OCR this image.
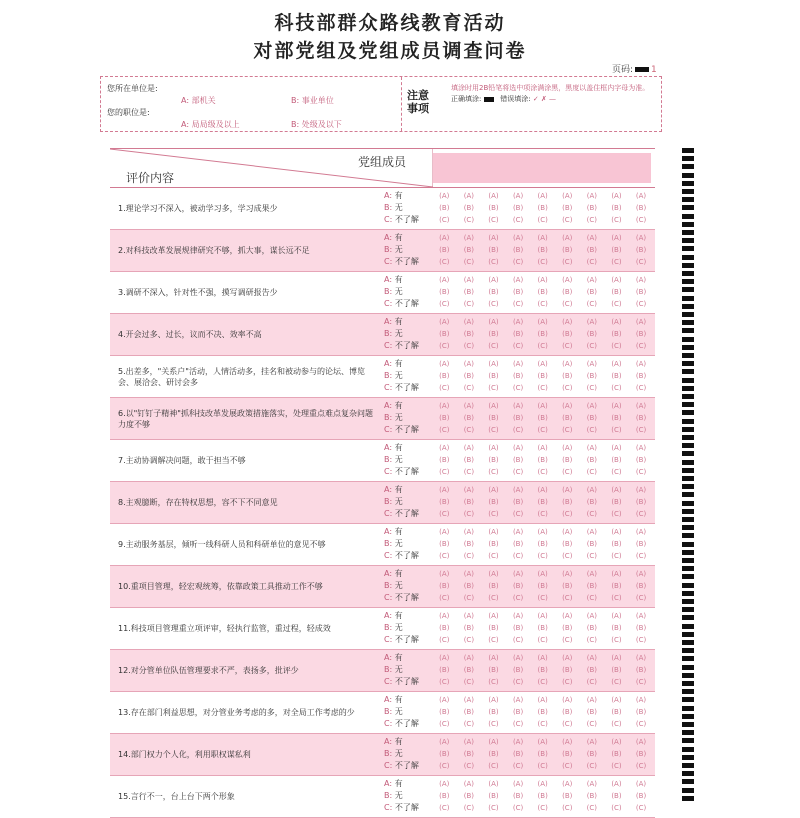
科技部群众路线教育活动
对部党组及党组成员调查问卷
页码: 1
您所在单位是:
您的职位是:
A: 部机关	B: 事业单位
A: 局局级及以上	B: 处级及以下
注意事项
填涂时用2B铅笔将选中项涂满涂黑，黑度以盖住框内字母为准。
正确填涂:	错误填涂: ✓ ✗ —
党组成员
评价内容
1.理论学习不深入，被动学习多，学习成果少
A: 有
B: 无
C: 不了解
(A)	(A)	(A)	(A)	(A)	(A)	(A)	(A)	(A)
(B)	(B)	(B)	(B)	(B)	(B)	(B)	(B)	(B)
(C)	(C)	(C)	(C)	(C)	(C)	(C)	(C)	(C)
2.对科技改革发展规律研究不够，抓大事，谋长远不足
A: 有
B: 无
C: 不了解
(A)	(A)	(A)	(A)	(A)	(A)	(A)	(A)	(A)
(B)	(B)	(B)	(B)	(B)	(B)	(B)	(B)	(B)
(C)	(C)	(C)	(C)	(C)	(C)	(C)	(C)	(C)
3.调研不深入，针对性不强，摸写调研报告少
A: 有
B: 无
C: 不了解
(A)	(A)	(A)	(A)	(A)	(A)	(A)	(A)	(A)
(B)	(B)	(B)	(B)	(B)	(B)	(B)	(B)	(B)
(C)	(C)	(C)	(C)	(C)	(C)	(C)	(C)	(C)
4.开会过多、过长，议而不决、效率不高
A: 有
B: 无
C: 不了解
(A)	(A)	(A)	(A)	(A)	(A)	(A)	(A)	(A)
(B)	(B)	(B)	(B)	(B)	(B)	(B)	(B)	(B)
(C)	(C)	(C)	(C)	(C)	(C)	(C)	(C)	(C)
5.出差多，"关系户"活动，人情活动多，挂名和被动参与的论坛、博览会、展洽会、研讨会多
A: 有
B: 无
C: 不了解
(A)	(A)	(A)	(A)	(A)	(A)	(A)	(A)	(A)
(B)	(B)	(B)	(B)	(B)	(B)	(B)	(B)	(B)
(C)	(C)	(C)	(C)	(C)	(C)	(C)	(C)	(C)
6.以"钉钉子精神"抓科技改革发展政策措施落实，处理重点难点复杂问题力度不够
A: 有
B: 无
C: 不了解
(A)	(A)	(A)	(A)	(A)	(A)	(A)	(A)	(A)
(B)	(B)	(B)	(B)	(B)	(B)	(B)	(B)	(B)
(C)	(C)	(C)	(C)	(C)	(C)	(C)	(C)	(C)
7.主动协调解决问题，敢于担当不够
A: 有
B: 无
C: 不了解
(A)	(A)	(A)	(A)	(A)	(A)	(A)	(A)	(A)
(B)	(B)	(B)	(B)	(B)	(B)	(B)	(B)	(B)
(C)	(C)	(C)	(C)	(C)	(C)	(C)	(C)	(C)
8.主观臆断，存在特权思想，容不下不同意见
A: 有
B: 无
C: 不了解
(A)	(A)	(A)	(A)	(A)	(A)	(A)	(A)	(A)
(B)	(B)	(B)	(B)	(B)	(B)	(B)	(B)	(B)
(C)	(C)	(C)	(C)	(C)	(C)	(C)	(C)	(C)
9.主动服务基层，倾听一线科研人员和科研单位的意见不够
A: 有
B: 无
C: 不了解
(A)	(A)	(A)	(A)	(A)	(A)	(A)	(A)	(A)
(B)	(B)	(B)	(B)	(B)	(B)	(B)	(B)	(B)
(C)	(C)	(C)	(C)	(C)	(C)	(C)	(C)	(C)
10.重项目管理，轻宏观统筹，依靠政策工具推动工作不够
A: 有
B: 无
C: 不了解
(A)	(A)	(A)	(A)	(A)	(A)	(A)	(A)	(A)
(B)	(B)	(B)	(B)	(B)	(B)	(B)	(B)	(B)
(C)	(C)	(C)	(C)	(C)	(C)	(C)	(C)	(C)
11.科技项目管理重立项评审，轻执行监管，重过程，轻成效
A: 有
B: 无
C: 不了解
(A)	(A)	(A)	(A)	(A)	(A)	(A)	(A)	(A)
(B)	(B)	(B)	(B)	(B)	(B)	(B)	(B)	(B)
(C)	(C)	(C)	(C)	(C)	(C)	(C)	(C)	(C)
12.对分管单位队伍管理要求不严，表扬多，批评少
A: 有
B: 无
C: 不了解
(A)	(A)	(A)	(A)	(A)	(A)	(A)	(A)	(A)
(B)	(B)	(B)	(B)	(B)	(B)	(B)	(B)	(B)
(C)	(C)	(C)	(C)	(C)	(C)	(C)	(C)	(C)
13.存在部门利益思想，对分管业务考虑的多，对全局工作考虑的少
A: 有
B: 无
C: 不了解
(A)	(A)	(A)	(A)	(A)	(A)	(A)	(A)	(A)
(B)	(B)	(B)	(B)	(B)	(B)	(B)	(B)	(B)
(C)	(C)	(C)	(C)	(C)	(C)	(C)	(C)	(C)
14.部门权力个人化，利用职权谋私利
A: 有
B: 无
C: 不了解
(A)	(A)	(A)	(A)	(A)	(A)	(A)	(A)	(A)
(B)	(B)	(B)	(B)	(B)	(B)	(B)	(B)	(B)
(C)	(C)	(C)	(C)	(C)	(C)	(C)	(C)	(C)
15.言行不一，台上台下两个形象
A: 有
B: 无
C: 不了解
(A)	(A)	(A)	(A)	(A)	(A)	(A)	(A)	(A)
(B)	(B)	(B)	(B)	(B)	(B)	(B)	(B)	(B)
(C)	(C)	(C)	(C)	(C)	(C)	(C)	(C)	(C)
